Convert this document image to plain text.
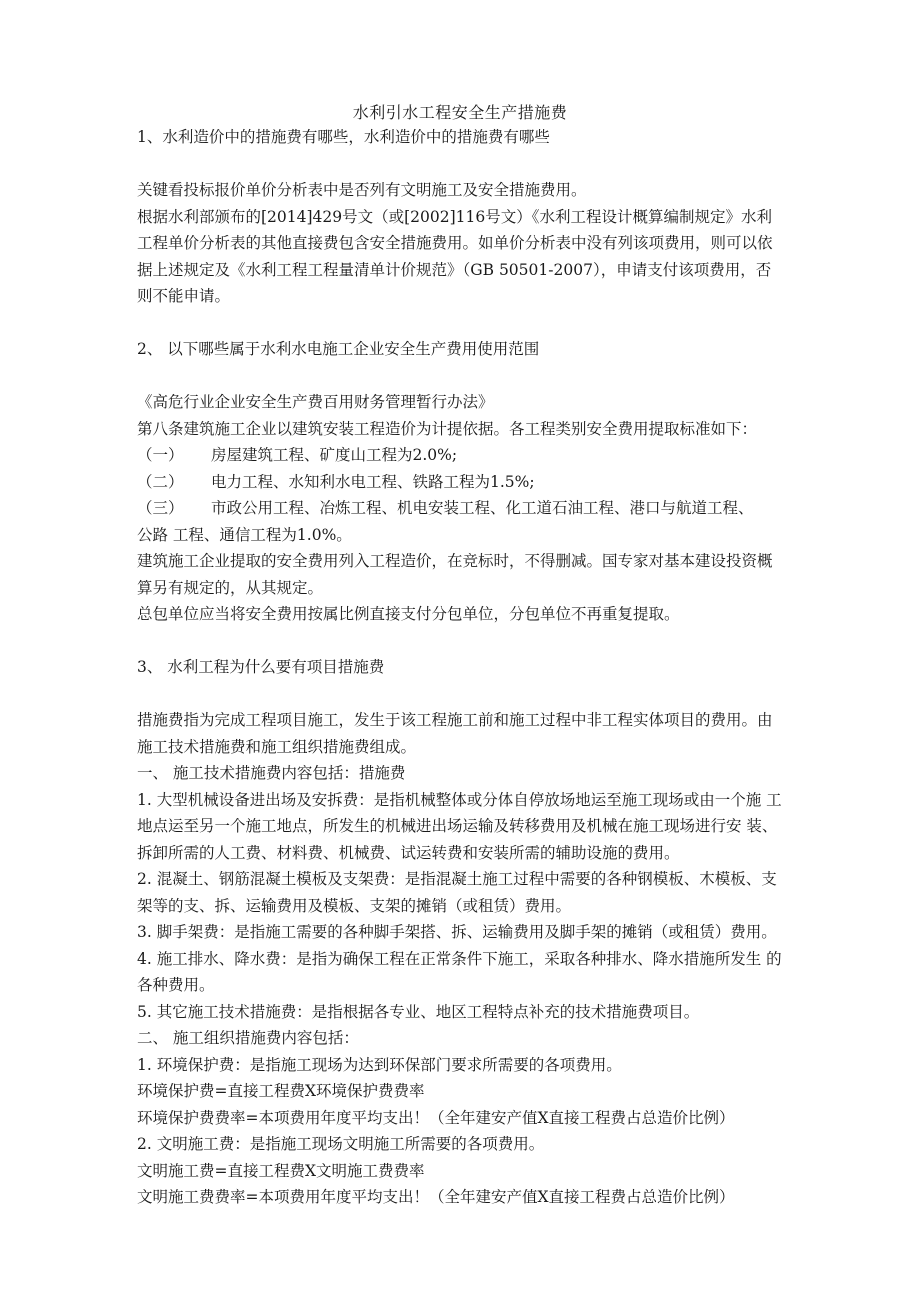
水利引水工程安全生产措施费

1、水利造价中的措施费有哪些，水利造价中的措施费有哪些

关键看投标报价单价分析表中是否列有文明施工及安全措施费用。

根据水利部颁布的[2014]429号文（或[2002]116号文）《水利工程设计概算编制规定》水利工程单价分析表的其他直接费包含安全措施费用。如单价分析表中没有列该项费用，则可以依据上述规定及《水利工程工程量清单计价规范》（GB 50501-2007），申请支付该项费用，否则不能申请。

2、 以下哪些属于水利水电施工企业安全生产费用使用范围

《高危行业企业安全生产费百用财务管理暂行办法》

第八条建筑施工企业以建筑安装工程造价为计提依据。各工程类别安全费用提取标准如下：

（一）	房屋建筑工程、矿度山工程为2.0%;
（二）	电力工程、水知利水电工程、铁路工程为1.5%;
（三）	市政公用工程、冶炼工程、机电安装工程、化工道石油工程、港口与航道工程、

公路 工程、通信工程为1.0%。

建筑施工企业提取的安全费用列入工程造价，在竞标时，不得删减。国专家对基本建设投资概算另有规定的，从其规定。

总包单位应当将安全费用按属比例直接支付分包单位，分包单位不再重复提取。

3、 水利工程为什么要有项目措施费

措施费指为完成工程项目施工，发生于该工程施工前和施工过程中非工程实体项目的费用。由施工技术措施费和施工组织措施费组成。

一、 施工技术措施费内容包括：措施费

1. 大型机械设备进出场及安拆费：是指机械整体或分体自停放场地运至施工现场或由一个施 工地点运至另一个施工地点，所发生的机械进出场运输及转移费用及机械在施工现场进行安 装、拆卸所需的人工费、材料费、机械费、试运转费和安装所需的辅助设施的费用。

2. 混凝土、钢筋混凝土模板及支架费：是指混凝土施工过程中需要的各种钢模板、木模板、支架等的支、拆、运输费用及模板、支架的摊销（或租赁）费用。

3. 脚手架费：是指施工需要的各种脚手架搭、拆、运输费用及脚手架的摊销（或租赁）费用。

4. 施工排水、降水费：是指为确保工程在正常条件下施工，采取各种排水、降水措施所发生 的各种费用。

5. 其它施工技术措施费：是指根据各专业、地区工程特点补充的技术措施费项目。

二、 施工组织措施费内容包括：

1. 环境保护费：是指施工现场为达到环保部门要求所需要的各项费用。

环境保护费=直接工程费X环境保护费费率

环境保护费费率=本项费用年度平均支出！（全年建安产值X直接工程费占总造价比例）

2. 文明施工费：是指施工现场文明施工所需要的各项费用。

文明施工费=直接工程费X文明施工费费率

文明施工费费率=本项费用年度平均支出！（全年建安产值X直接工程费占总造价比例）
